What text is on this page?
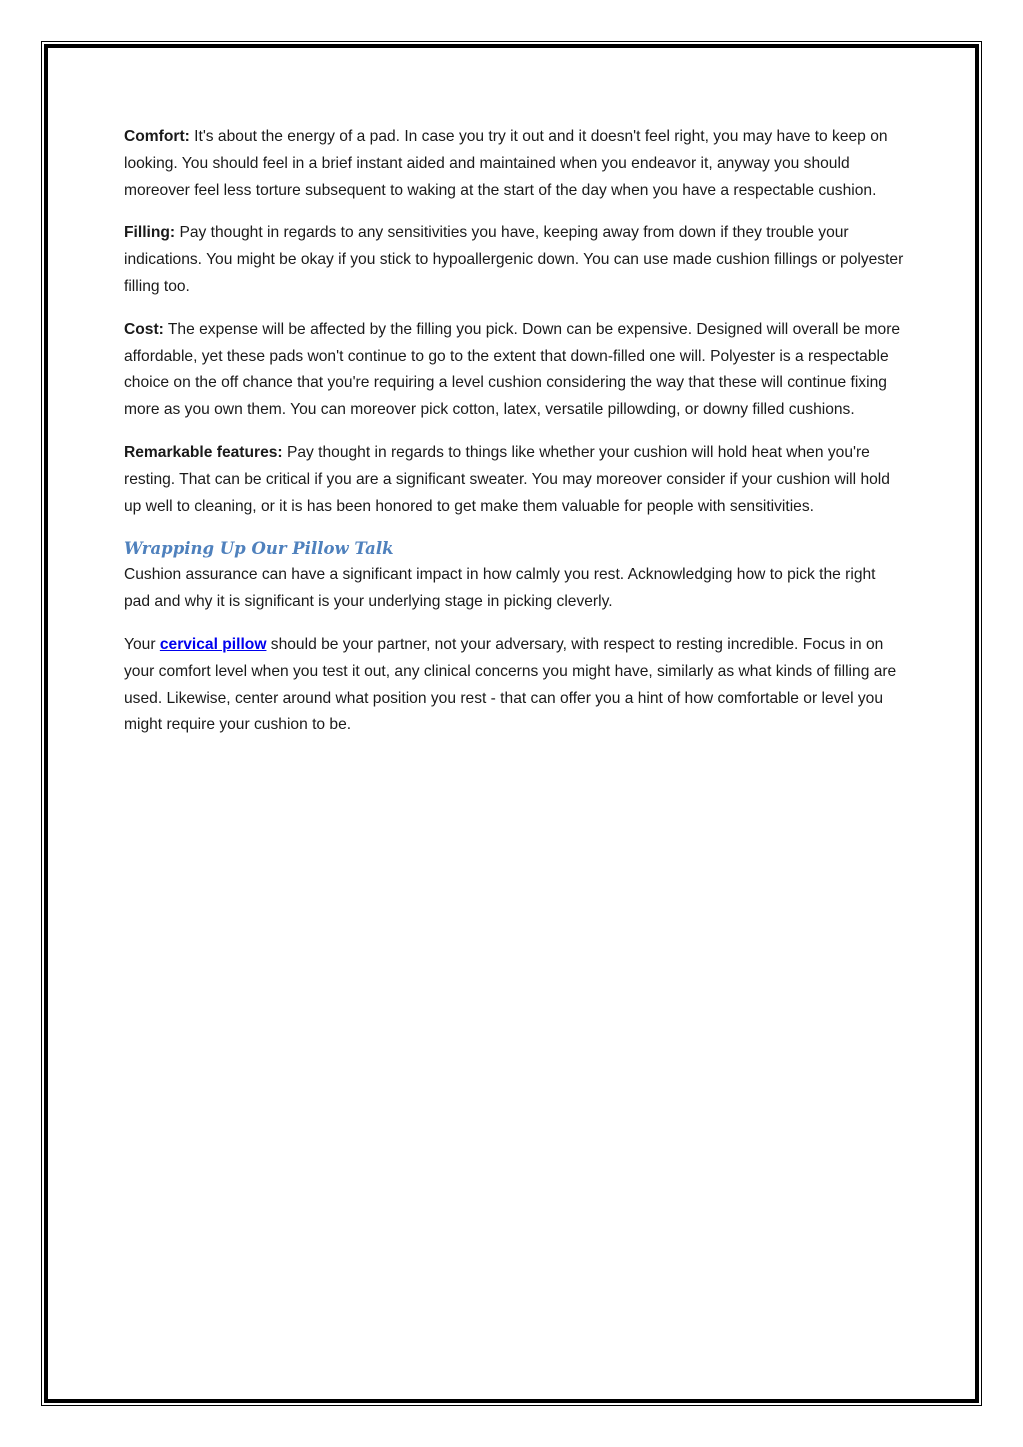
Comfort: It's about the energy of a pad. In case you try it out and it doesn't feel right, you may have to keep on looking. You should feel in a brief instant aided and maintained when you endeavor it, anyway you should moreover feel less torture subsequent to waking at the start of the day when you have a respectable cushion.

Filling: Pay thought in regards to any sensitivities you have, keeping away from down if they trouble your indications. You might be okay if you stick to hypoallergenic down. You can use made cushion fillings or polyester filling too.

Cost: The expense will be affected by the filling you pick. Down can be expensive. Designed will overall be more affordable, yet these pads won't continue to go to the extent that down-filled one will. Polyester is a respectable choice on the off chance that you're requiring a level cushion considering the way that these will continue fixing more as you own them. You can moreover pick cotton, latex, versatile pillowding, or downy filled cushions.

Remarkable features: Pay thought in regards to things like whether your cushion will hold heat when you're resting. That can be critical if you are a significant sweater. You may moreover consider if your cushion will hold up well to cleaning, or it is has been honored to get make them valuable for people with sensitivities.

Wrapping Up Our Pillow Talk

Cushion assurance can have a significant impact in how calmly you rest. Acknowledging how to pick the right pad and why it is significant is your underlying stage in picking cleverly.

Your cervical pillow should be your partner, not your adversary, with respect to resting incredible. Focus in on your comfort level when you test it out, any clinical concerns you might have, similarly as what kinds of filling are used. Likewise, center around what position you rest - that can offer you a hint of how comfortable or level you might require your cushion to be.
